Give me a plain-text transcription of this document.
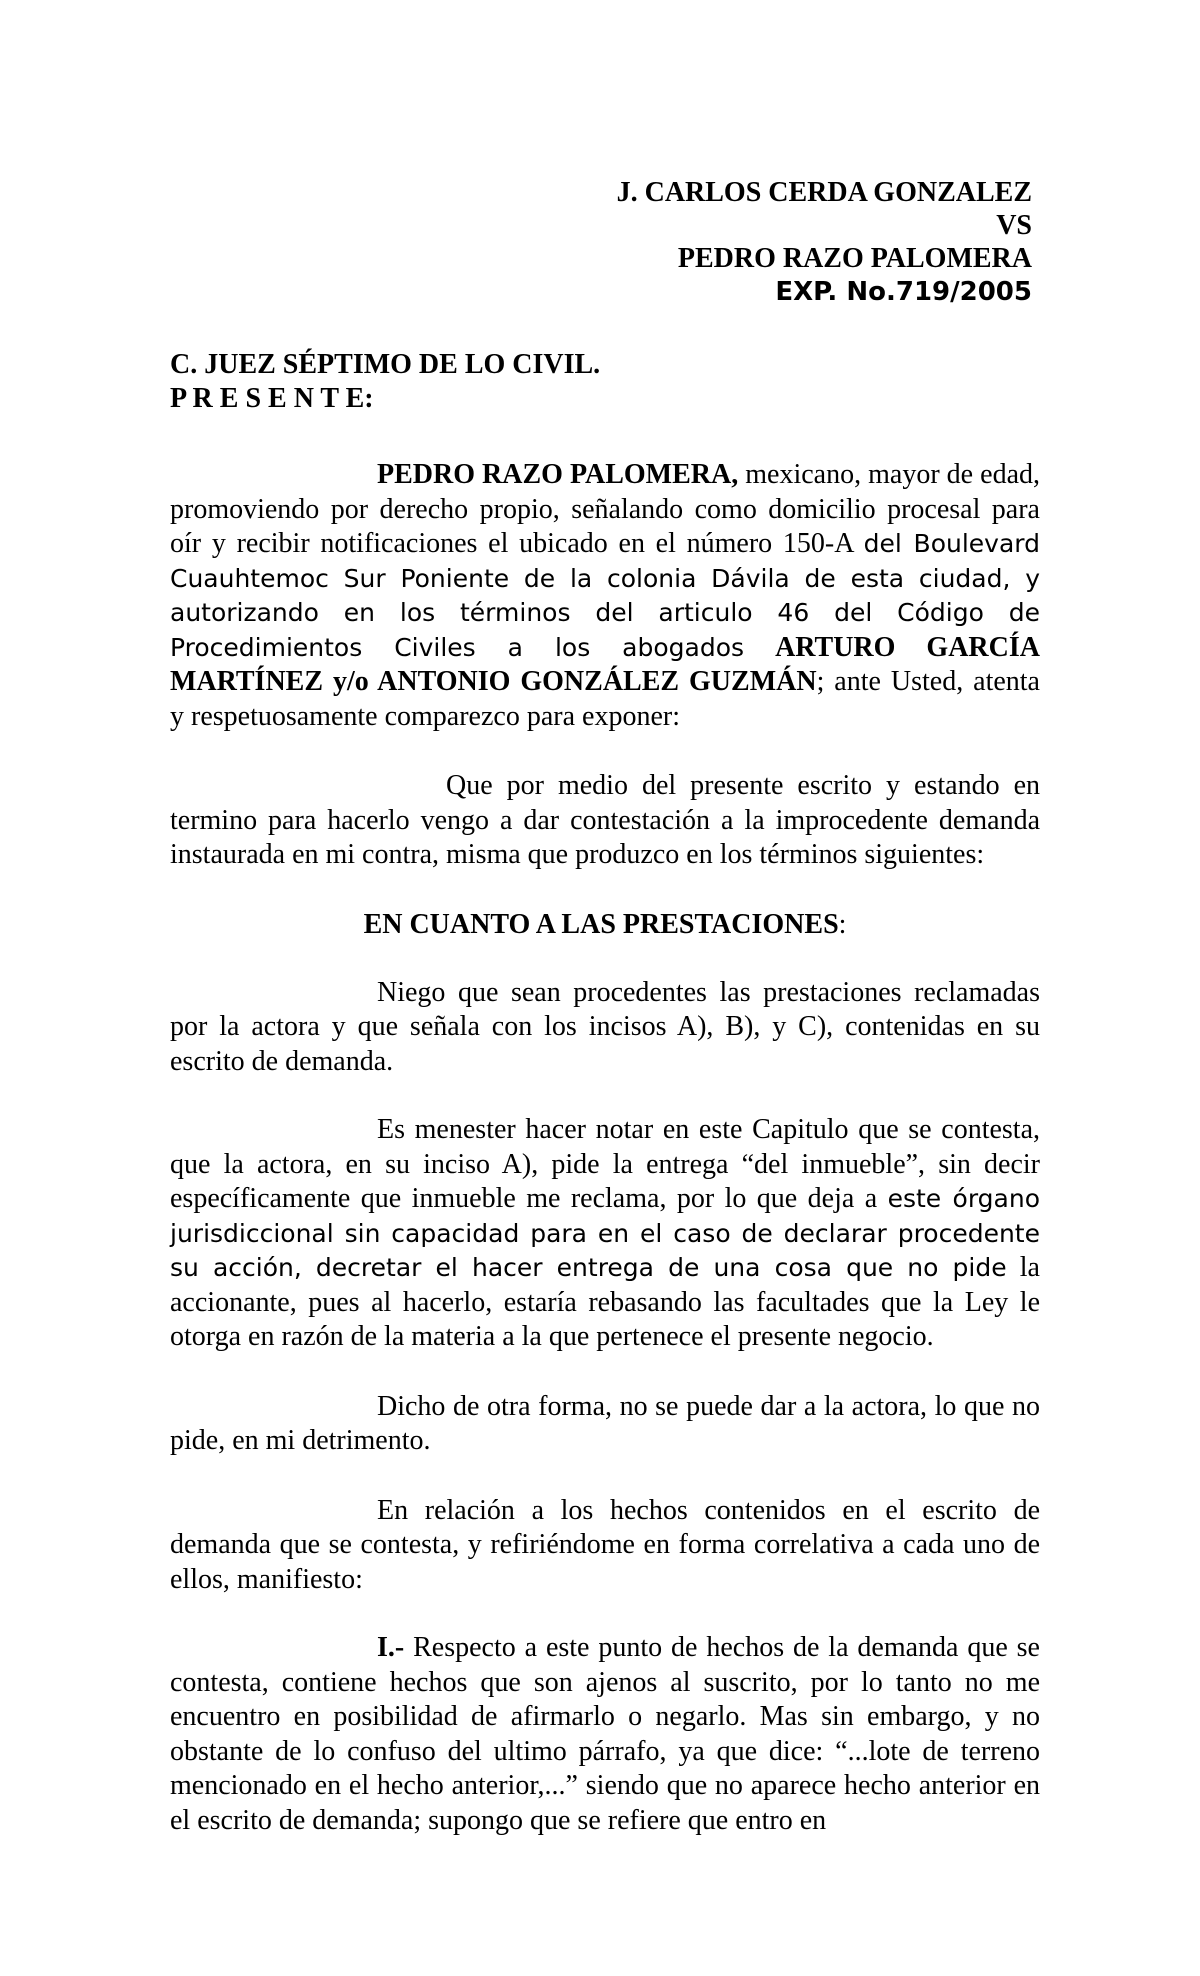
J. CARLOS CERDA GONZALEZ
VS
PEDRO RAZO PALOMERA
EXP. No.719/2005
C. JUEZ SÉPTIMO DE LO CIVIL.
P R E S E N T E:

PEDRO RAZO PALOMERA, mexicano, mayor de edad, promoviendo por derecho propio, señalando como domicilio procesal para oír y recibir notificaciones el ubicado en el número 150-A del Boulevard Cuauhtemoc Sur Poniente de la colonia Dávila de esta ciudad, y autorizando en los términos del articulo 46 del Código de Procedimientos Civiles a los abogados ARTURO GARCÍA MARTÍNEZ y/o ANTONIO GONZÁLEZ GUZMÁN; ante Usted, atenta y respetuosamente comparezco para exponer:

Que por medio del presente escrito y estando en termino para hacerlo vengo a dar contestación a la improcedente demanda instaurada en mi contra, misma que produzco en los términos siguientes:

EN CUANTO A LAS PRESTACIONES:

Niego que sean procedentes las prestaciones reclamadas por la actora y que señala con los incisos A), B), y C), contenidas en su escrito de demanda.

Es menester hacer notar en este Capitulo que se contesta, que la actora, en su inciso A), pide la entrega “del inmueble”, sin decir específicamente que inmueble me reclama, por lo que deja a este órgano jurisdiccional sin capacidad para en el caso de declarar procedente su acción, decretar el hacer entrega de una cosa que no pide la accionante, pues al hacerlo, estaría rebasando las facultades que la Ley le otorga en razón de la materia a la que pertenece el presente negocio.

Dicho de otra forma, no se puede dar a la actora, lo que no pide, en mi detrimento.

En relación a los hechos contenidos en el escrito de demanda que se contesta, y refiriéndome en forma correlativa a cada uno de ellos, manifiesto:

I.- Respecto a este punto de hechos de la demanda que se contesta, contiene hechos que son ajenos al suscrito, por lo tanto no me encuentro en posibilidad de afirmarlo o negarlo. Mas sin embargo, y no obstante de lo confuso del ultimo párrafo, ya que dice: “...lote de terreno mencionado en el hecho anterior,...” siendo que no aparece hecho anterior en el escrito de demanda; supongo que se refiere que entro en
